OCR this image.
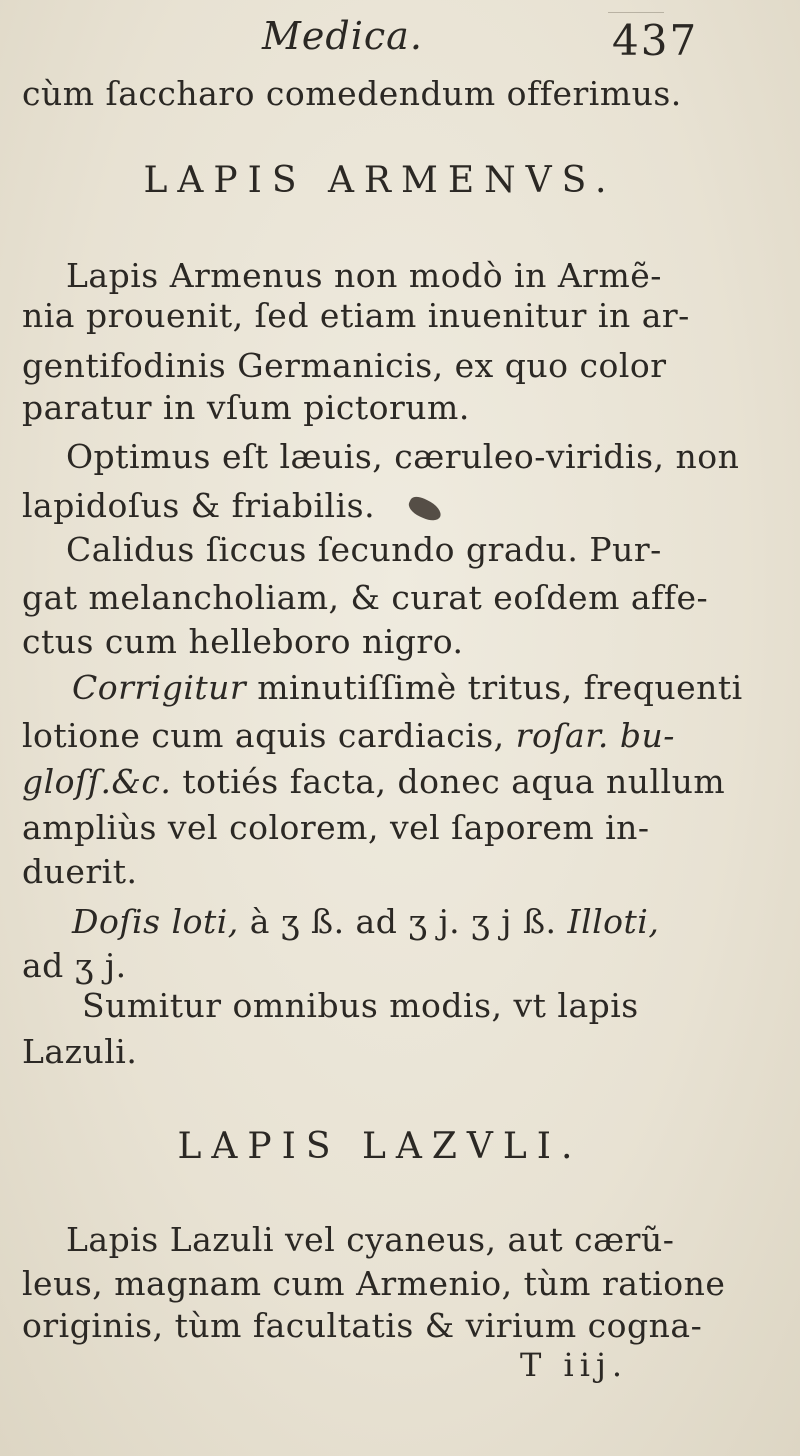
Medica.	437
cùm ſaccharo comedendum offerimus.
LAPIS ARMENVS.
Lapis Armenus non modò in Armẽ-
nia prouenit, ſed etiam inuenitur in ar-
gentifodinis Germanicis, ex quo color
paratur in vſum pictorum.
Optimus eſt læuis, cæruleo-viridis, non
lapidoſus & friabilis.
Calidus ſiccus ſecundo gradu. Pur-
gat melancholiam, & curat eoſdem affe-
ctus cum helleboro nigro.
Corrigitur minutiſſimè tritus, frequenti
lotione cum aquis cardiacis, roſar. bu-
gloſſ.&c. totiés facta, donec aqua nullum
ampliùs vel colorem, vel ſaporem in-
duerit.
Doſis loti, à ʒ ß. ad ʒ j. ʒ j ß. Illoti,
ad ʒ j.
Sumitur omnibus modis, vt lapis
Lazuli.
LAPIS LAZVLI.
Lapis Lazuli vel cyaneus, aut cærũ-
leus, magnam cum Armenio, tùm ratione
originis, tùm facultatis & virium cogna-
T iij.
